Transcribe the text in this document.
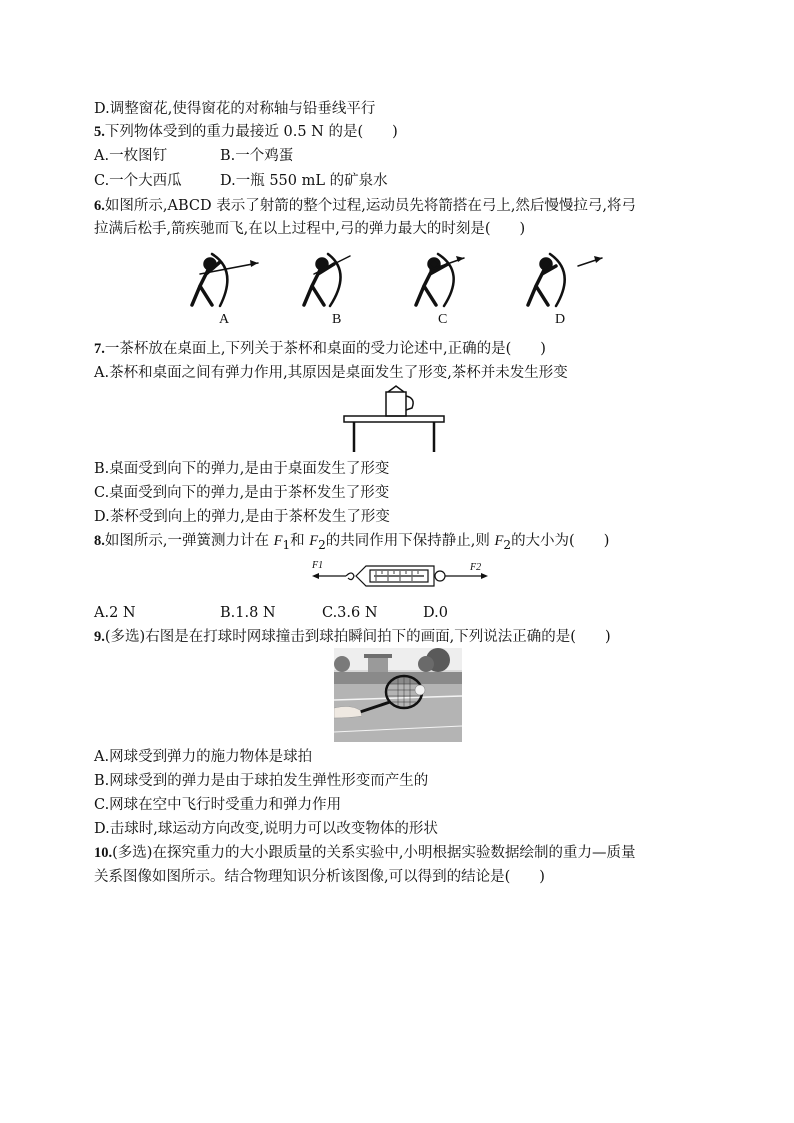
D.调整窗花,使得窗花的对称轴与铅垂线平行
5.下列物体受到的重力最接近 0.5 N 的是(　　)
A.一枚图钉	B.一个鸡蛋
C.一个大西瓜	D.一瓶 550 mL 的矿泉水
6.如图所示,ABCD 表示了射箭的整个过程,运动员先将箭搭在弓上,然后慢慢拉弓,将弓
拉满后松手,箭疾驰而飞,在以上过程中,弓的弹力最大的时刻是(　　)
A	B	C	D
7.一茶杯放在桌面上,下列关于茶杯和桌面的受力论述中,正确的是(　　)
A.茶杯和桌面之间有弹力作用,其原因是桌面发生了形变,茶杯并未发生形变
B.桌面受到向下的弹力,是由于桌面发生了形变
C.桌面受到向下的弹力,是由于茶杯发生了形变
D.茶杯受到向上的弹力,是由于茶杯发生了形变
8.如图所示,一弹簧测力计在 $F_1$和 $F_2$的共同作用下保持静止,则 $F_2$的大小为(　　)
F1	F2
A.2 N	B.1.8 N	C.3.6 N	D.0
9.(多选)右图是在打球时网球撞击到球拍瞬间拍下的画面,下列说法正确的是(　　)
A.网球受到弹力的施力物体是球拍
B.网球受到的弹力是由于球拍发生弹性形变而产生的
C.网球在空中飞行时受重力和弹力作用
D.击球时,球运动方向改变,说明力可以改变物体的形状
10.(多选)在探究重力的大小跟质量的关系实验中,小明根据实验数据绘制的重力—质量
关系图像如图所示。结合物理知识分析该图像,可以得到的结论是(　　)
